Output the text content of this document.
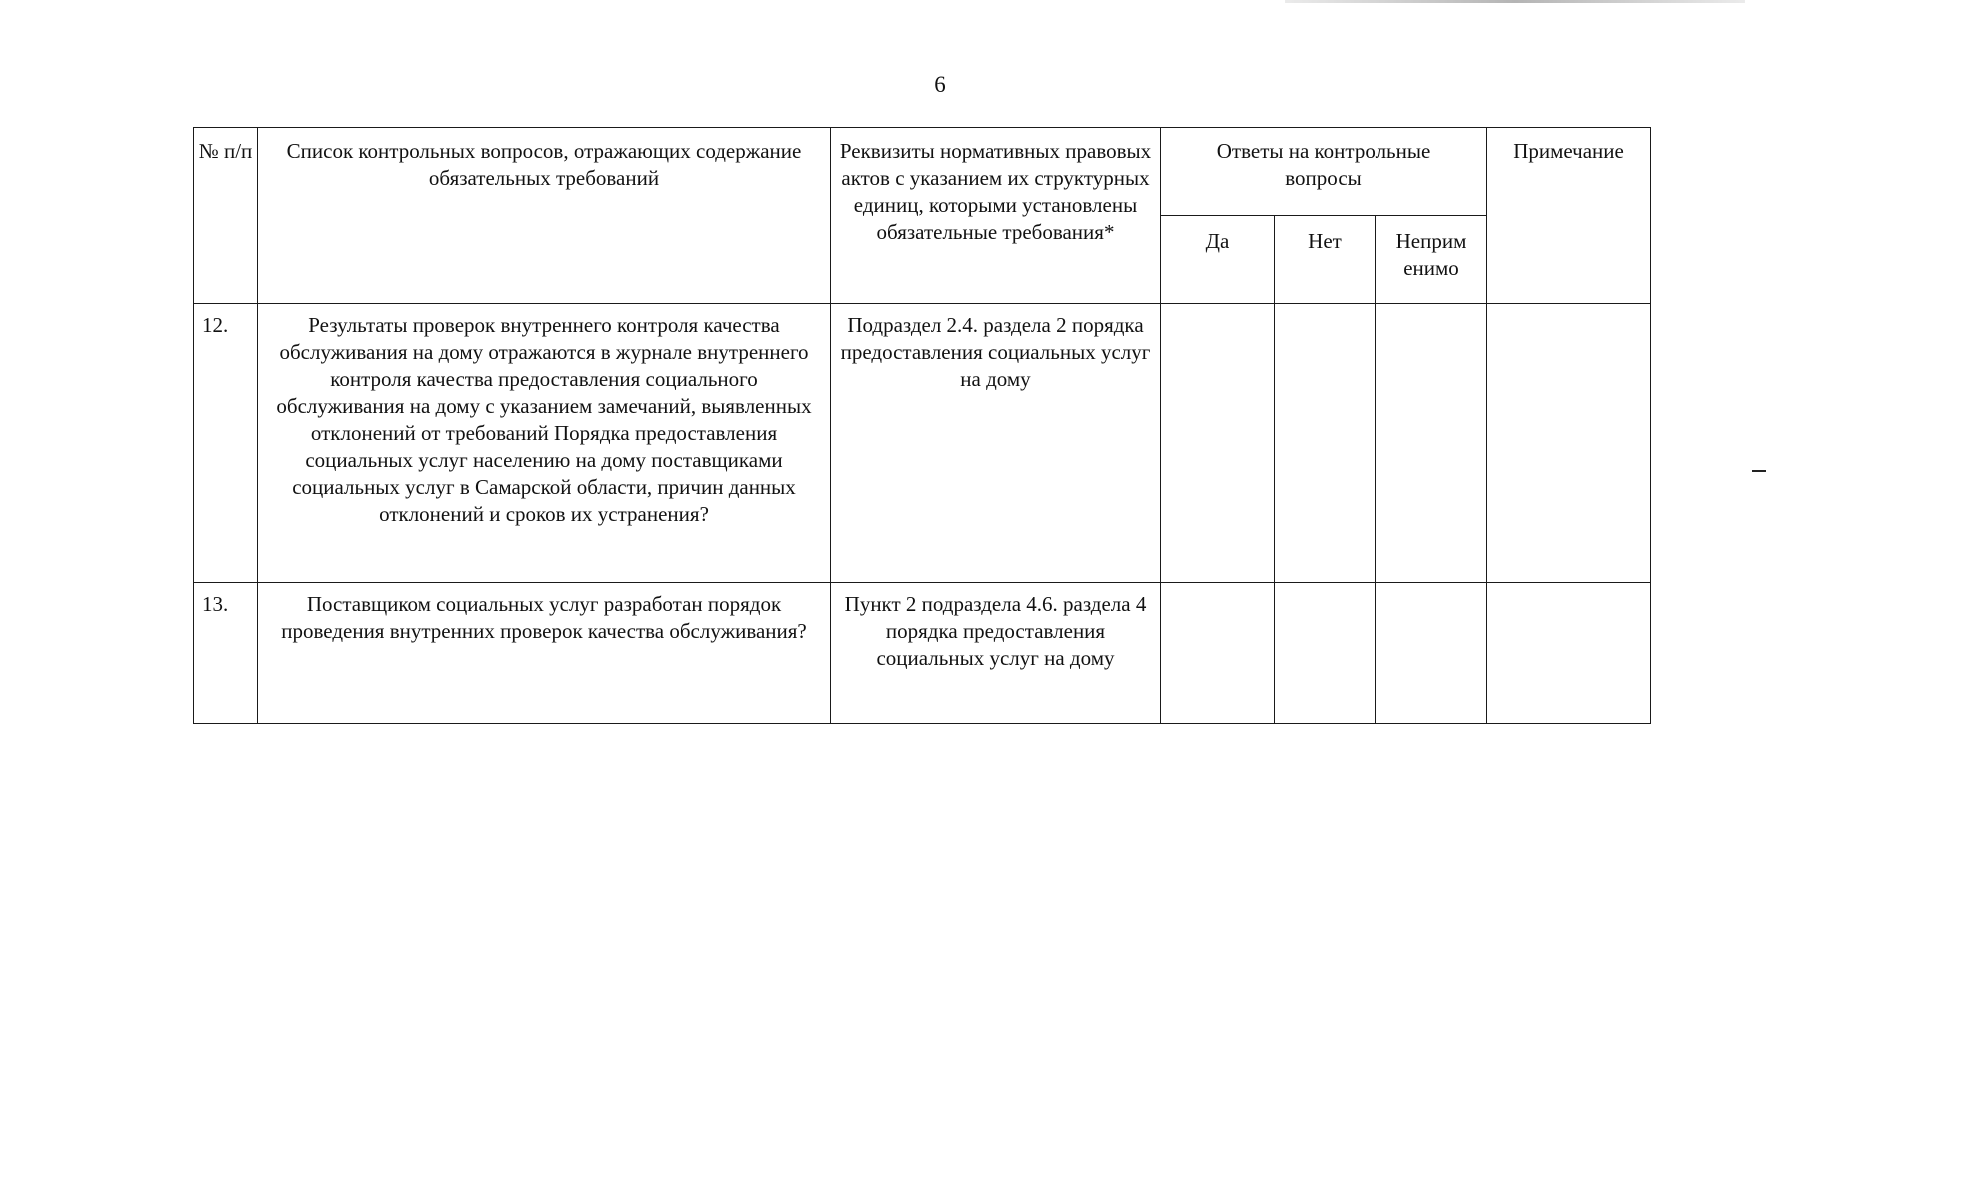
6
№ п/п	Список контрольных вопросов, отражающих содержание обязательных требований	Реквизиты нормативных правовых актов с указанием их структурных единиц, которыми установлены обязательные требования*	Ответы на контрольные вопросы			Примечание
			Да	Нет	Неприменимо	
12.	Результаты проверок внутреннего контроля качества обслуживания на дому отражаются в журнале внутреннего контроля качества предоставления социального обслуживания на дому с указанием замечаний, выявленных отклонений от требований Порядка предоставления социальных услуг населению на дому поставщиками социальных услуг в Самарской области, причин данных отклонений и сроков их устранения?	Подраздел 2.4. раздела 2 порядка предоставления социальных услуг на дому				
13.	Поставщиком социальных услуг разработан порядок проведения внутренних проверок качества обслуживания?	Пункт 2 подраздела 4.6. раздела 4 порядка предоставления социальных услуг на дому				
